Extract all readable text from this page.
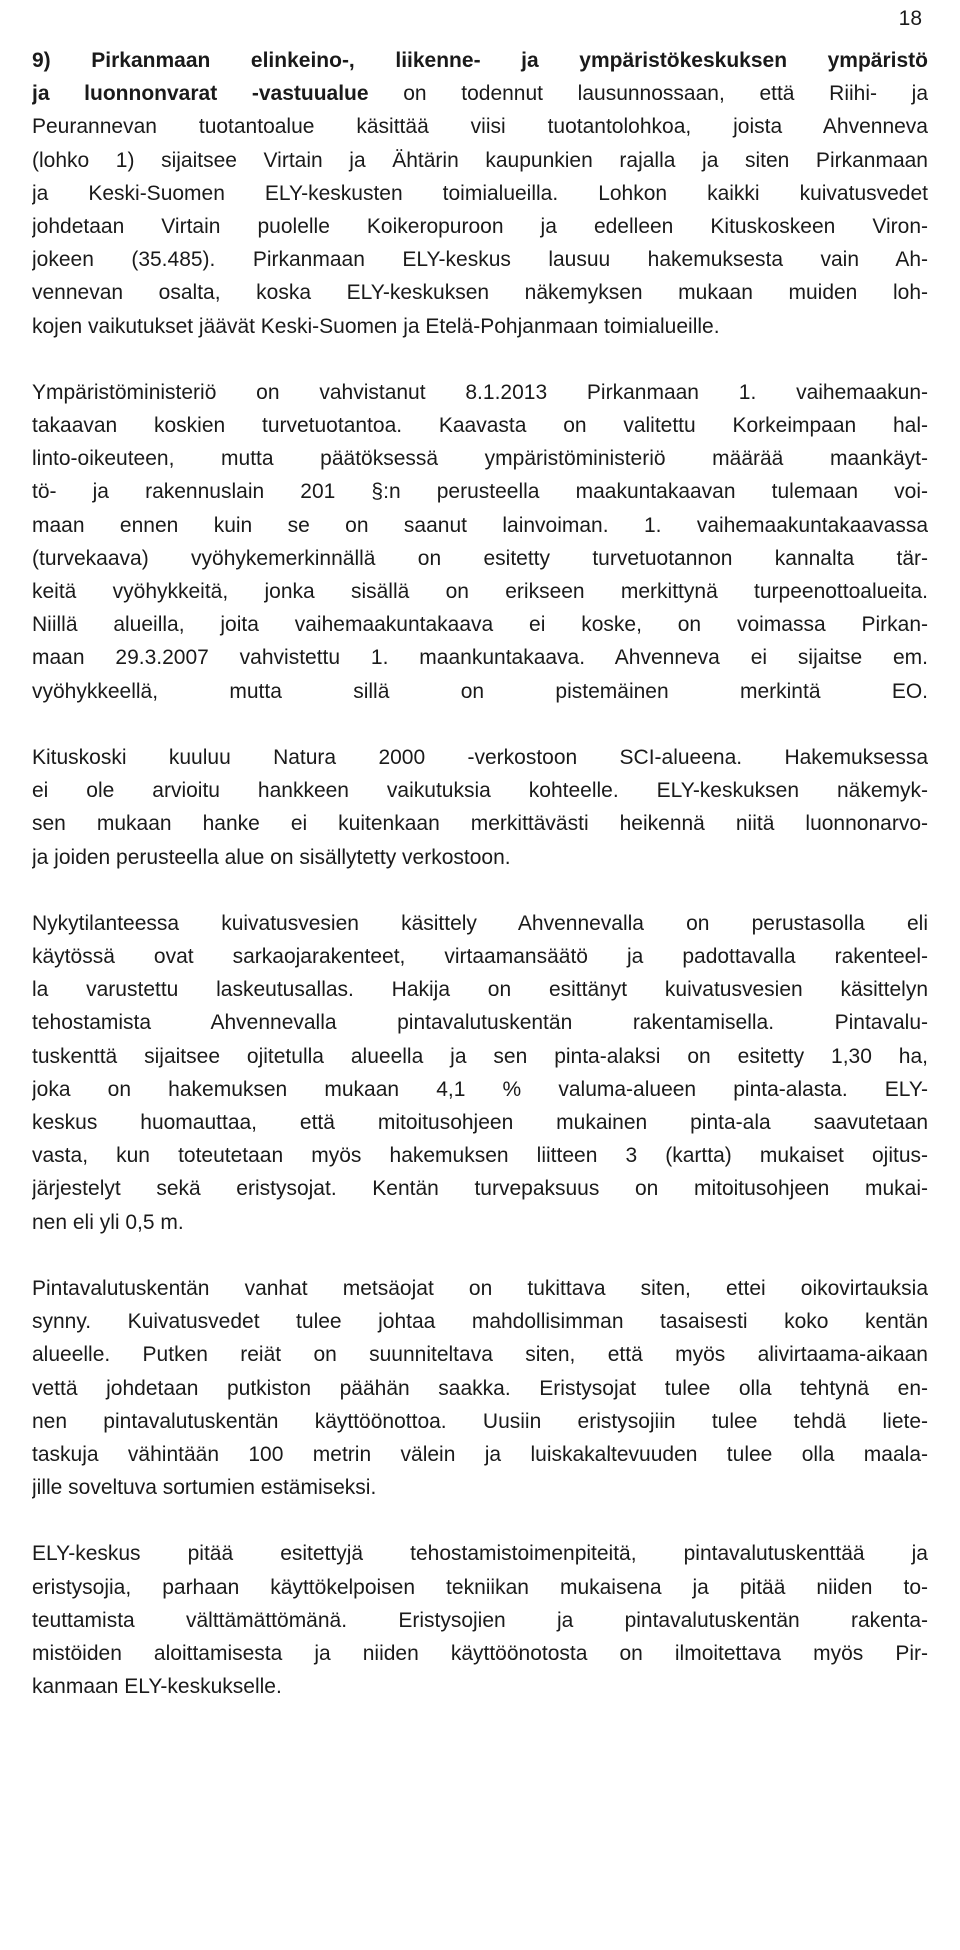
18
9) Pirkanmaan elinkeino-, liikenne- ja ympäristökeskuksen ympäristö
ja luonnonvarat -vastuualue on todennut lausunnossaan, että Riihi- ja
Peurannevan tuotantoalue käsittää viisi tuotantolohkoa, joista Ahvenneva
(lohko 1) sijaitsee Virtain ja Ähtärin kaupunkien rajalla ja siten Pirkanmaan
ja Keski-Suomen ELY-keskusten toimialueilla. Lohkon kaikki kuivatusvedet
johdetaan Virtain puolelle Koikeropuroon ja edelleen Kituskoskeen Viron-
jokeen (35.485). Pirkanmaan ELY-keskus lausuu hakemuksesta vain Ah-
vennevan osalta, koska ELY-keskuksen näkemyksen mukaan muiden loh-
kojen vaikutukset jäävät Keski-Suomen ja Etelä-Pohjanmaan toimialueille.
Ympäristöministeriö on vahvistanut 8.1.2013 Pirkanmaan 1. vaihemaakun-
takaavan koskien turvetuotantoa. Kaavasta on valitettu Korkeimpaan hal-
linto-oikeuteen, mutta päätöksessä ympäristöministeriö määrää maankäyt-
tö- ja rakennuslain 201 §:n perusteella maakuntakaavan tulemaan voi-
maan ennen kuin se on saanut lainvoiman. 1. vaihemaakuntakaavassa
(turvekaava) vyöhykemerkinnällä on esitetty turvetuotannon kannalta tär-
keitä vyöhykkeitä, jonka sisällä on erikseen merkittynä turpeenottoalueita.
Niillä alueilla, joita vaihemaakuntakaava ei koske, on voimassa Pirkan-
maan 29.3.2007 vahvistettu 1. maankuntakaava. Ahvenneva ei sijaitse em.
vyöhykkeellä, mutta sillä on pistemäinen merkintä EO.
Kituskoski kuuluu Natura 2000 -verkostoon SCI-alueena. Hakemuksessa
ei ole arvioitu hankkeen vaikutuksia kohteelle. ELY-keskuksen näkemyk-
sen mukaan hanke ei kuitenkaan merkittävästi heikennä niitä luonnonarvo-
ja joiden perusteella alue on sisällytetty verkostoon.
Nykytilanteessa kuivatusvesien käsittely Ahvennevalla on perustasolla eli
käytössä ovat sarkaojarakenteet, virtaamansäätö ja padottavalla rakenteel-
la varustettu laskeutusallas. Hakija on esittänyt kuivatusvesien käsittelyn
tehostamista Ahvennevalla pintavalutuskentän rakentamisella. Pintavalu-
tuskenttä sijaitsee ojitetulla alueella ja sen pinta-alaksi on esitetty 1,30 ha,
joka on hakemuksen mukaan 4,1 % valuma-alueen pinta-alasta. ELY-
keskus huomauttaa, että mitoitusohjeen mukainen pinta-ala saavutetaan
vasta, kun toteutetaan myös hakemuksen liitteen 3 (kartta) mukaiset ojitus-
järjestelyt sekä eristysojat. Kentän turvepaksuus on mitoitusohjeen mukai-
nen eli yli 0,5 m.
Pintavalutuskentän vanhat metsäojat on tukittava siten, ettei oikovirtauksia
synny. Kuivatusvedet tulee johtaa mahdollisimman tasaisesti koko kentän
alueelle. Putken reiät on suunniteltava siten, että myös alivirtaama-aikaan
vettä johdetaan putkiston päähän saakka. Eristysojat tulee olla tehtynä en-
nen pintavalutuskentän käyttöönottoa. Uusiin eristysojiin tulee tehdä liete-
taskuja vähintään 100 metrin välein ja luiskakaltevuuden tulee olla maala-
jille soveltuva sortumien estämiseksi.
ELY-keskus pitää esitettyjä tehostamistoimenpiteitä, pintavalutuskenttää ja
eristysojia, parhaan käyttökelpoisen tekniikan mukaisena ja pitää niiden to-
teuttamista välttämättömänä. Eristysojien ja pintavalutuskentän rakenta-
mistöiden aloittamisesta ja niiden käyttöönotosta on ilmoitettava myös Pir-
kanmaan ELY-keskukselle.
